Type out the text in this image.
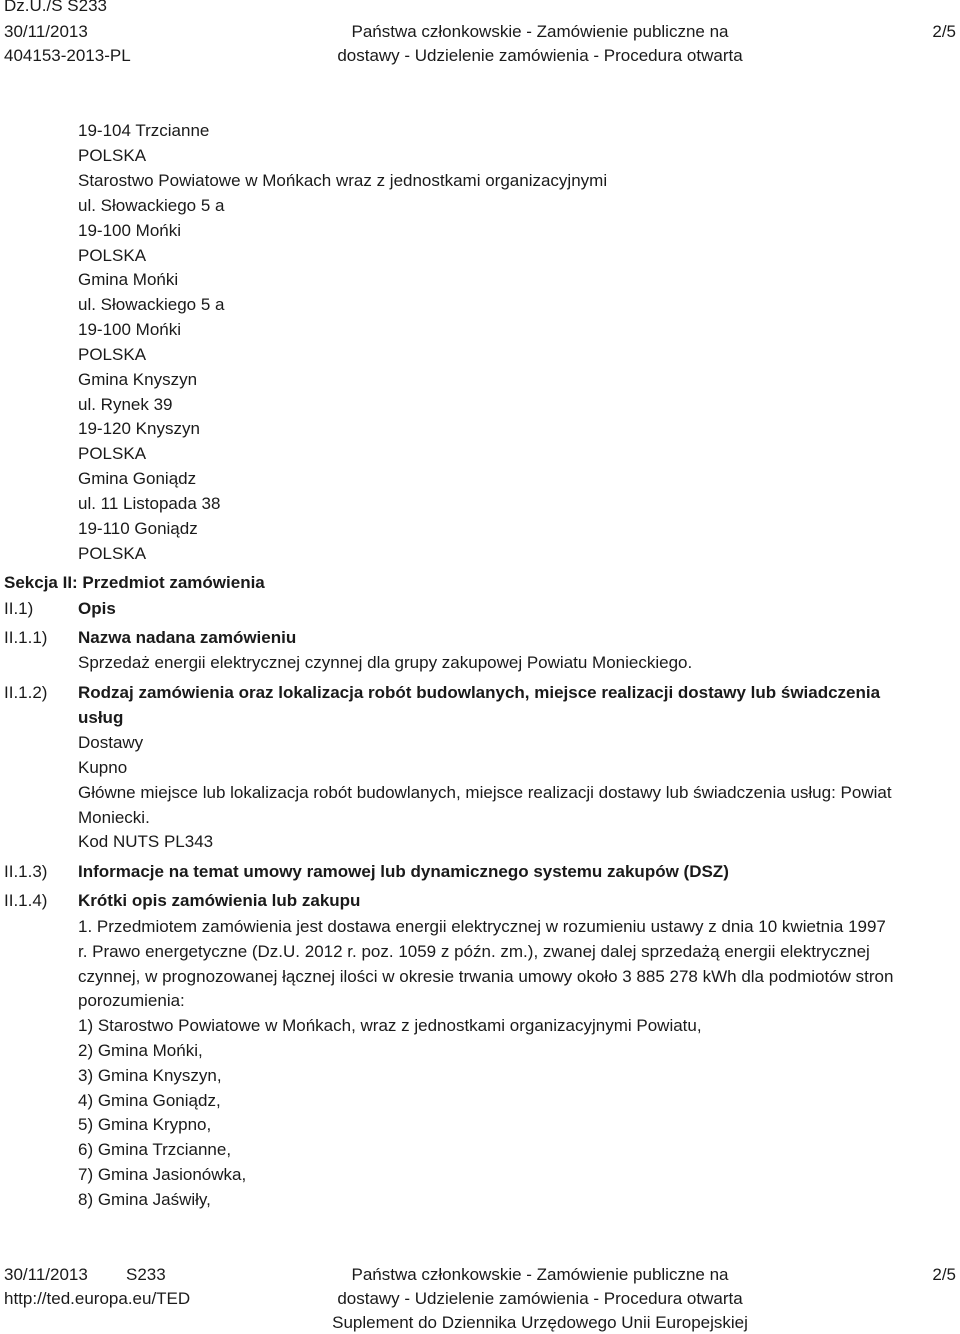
Dz.U./S S233
30/11/2013
404153-2013-PL
Państwa członkowskie - Zamówienie publiczne na
dostawy - Udzielenie zamówienia - Procedura otwarta
2/5
19-104 Trzcianne
POLSKA
Starostwo Powiatowe w Mońkach wraz z jednostkami organizacyjnymi
ul. Słowackiego 5 a
19-100 Mońki
POLSKA
Gmina Mońki
ul. Słowackiego 5 a
19-100 Mońki
POLSKA
Gmina Knyszyn
ul. Rynek 39
19-120 Knyszyn
POLSKA
Gmina Goniądz
ul. 11 Listopada 38
19-110 Goniądz
POLSKA
Sekcja II: Przedmiot zamówienia
II.1)	Opis
II.1.1) Nazwa nadana zamówieniu
Sprzedaż energii elektrycznej czynnej dla grupy zakupowej Powiatu Monieckiego.
II.1.2) Rodzaj zamówienia oraz lokalizacja robót budowlanych, miejsce realizacji dostawy lub świadczenia
usług
Dostawy
Kupno
Główne miejsce lub lokalizacja robót budowlanych, miejsce realizacji dostawy lub świadczenia usług: Powiat
Moniecki.
Kod NUTS PL343
II.1.3) Informacje na temat umowy ramowej lub dynamicznego systemu zakupów (DSZ)
II.1.4) Krótki opis zamówienia lub zakupu
1. Przedmiotem zamówienia jest dostawa energii elektrycznej w rozumieniu ustawy z dnia 10 kwietnia 1997
r. Prawo energetyczne (Dz.U. 2012 r. poz. 1059 z późn. zm.), zwanej dalej sprzedażą energii elektrycznej
czynnej, w prognozowanej łącznej ilości w okresie trwania umowy około 3 885 278 kWh dla podmiotów stron
porozumienia:
1) Starostwo Powiatowe w Mońkach, wraz z jednostkami organizacyjnymi Powiatu,
2) Gmina Mońki,
3) Gmina Knyszyn,
4) Gmina Goniądz,
5) Gmina Krypno,
6) Gmina Trzcianne,
7) Gmina Jasionówka,
8) Gmina Jaświły,
30/11/2013 S233
http://ted.europa.eu/TED
Państwa członkowskie - Zamówienie publiczne na
dostawy - Udzielenie zamówienia - Procedura otwarta
Suplement do Dziennika Urzędowego Unii Europejskiej
2/5
